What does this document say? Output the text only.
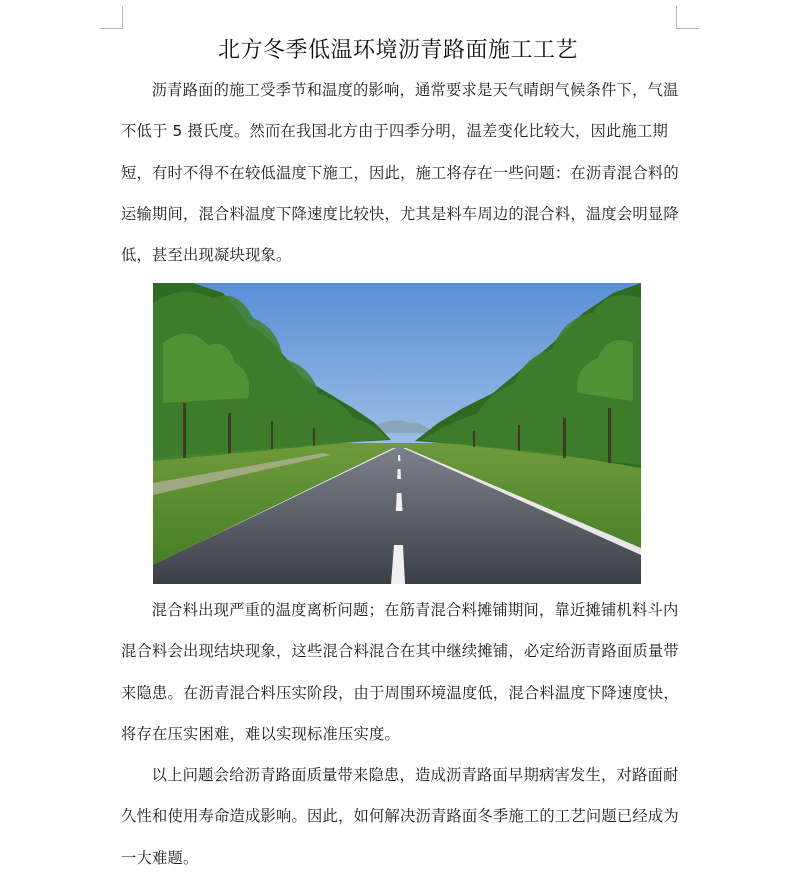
北方冬季低温环境沥青路面施工工艺

沥青路面的施工受季节和温度的影响，通常要求是天气晴朗气候条件下，气温不低于 5 摄氏度。然而在我国北方由于四季分明，温差变化比较大，因此施工期短，有时不得不在较低温度下施工，因此，施工将存在一些问题：在沥青混合料的运输期间，混合料温度下降速度比较快，尤其是料车周边的混合料，温度会明显降低，甚至出现凝块现象。

混合料出现严重的温度离析问题；在筋青混合料摊铺期间，靠近摊铺机料斗内混合料会出现结块现象，这些混合料混合在其中继续摊铺，必定给沥青路面质量带来隐患。在沥青混合料压实阶段，由于周围环境温度低，混合料温度下降速度快，将存在压实困难，难以实现标准压实度。

以上问题会给沥青路面质量带来隐患，造成沥青路面早期病害发生，对路面耐久性和使用寿命造成影响。因此，如何解决沥青路面冬季施工的工艺问题已经成为一大难题。
